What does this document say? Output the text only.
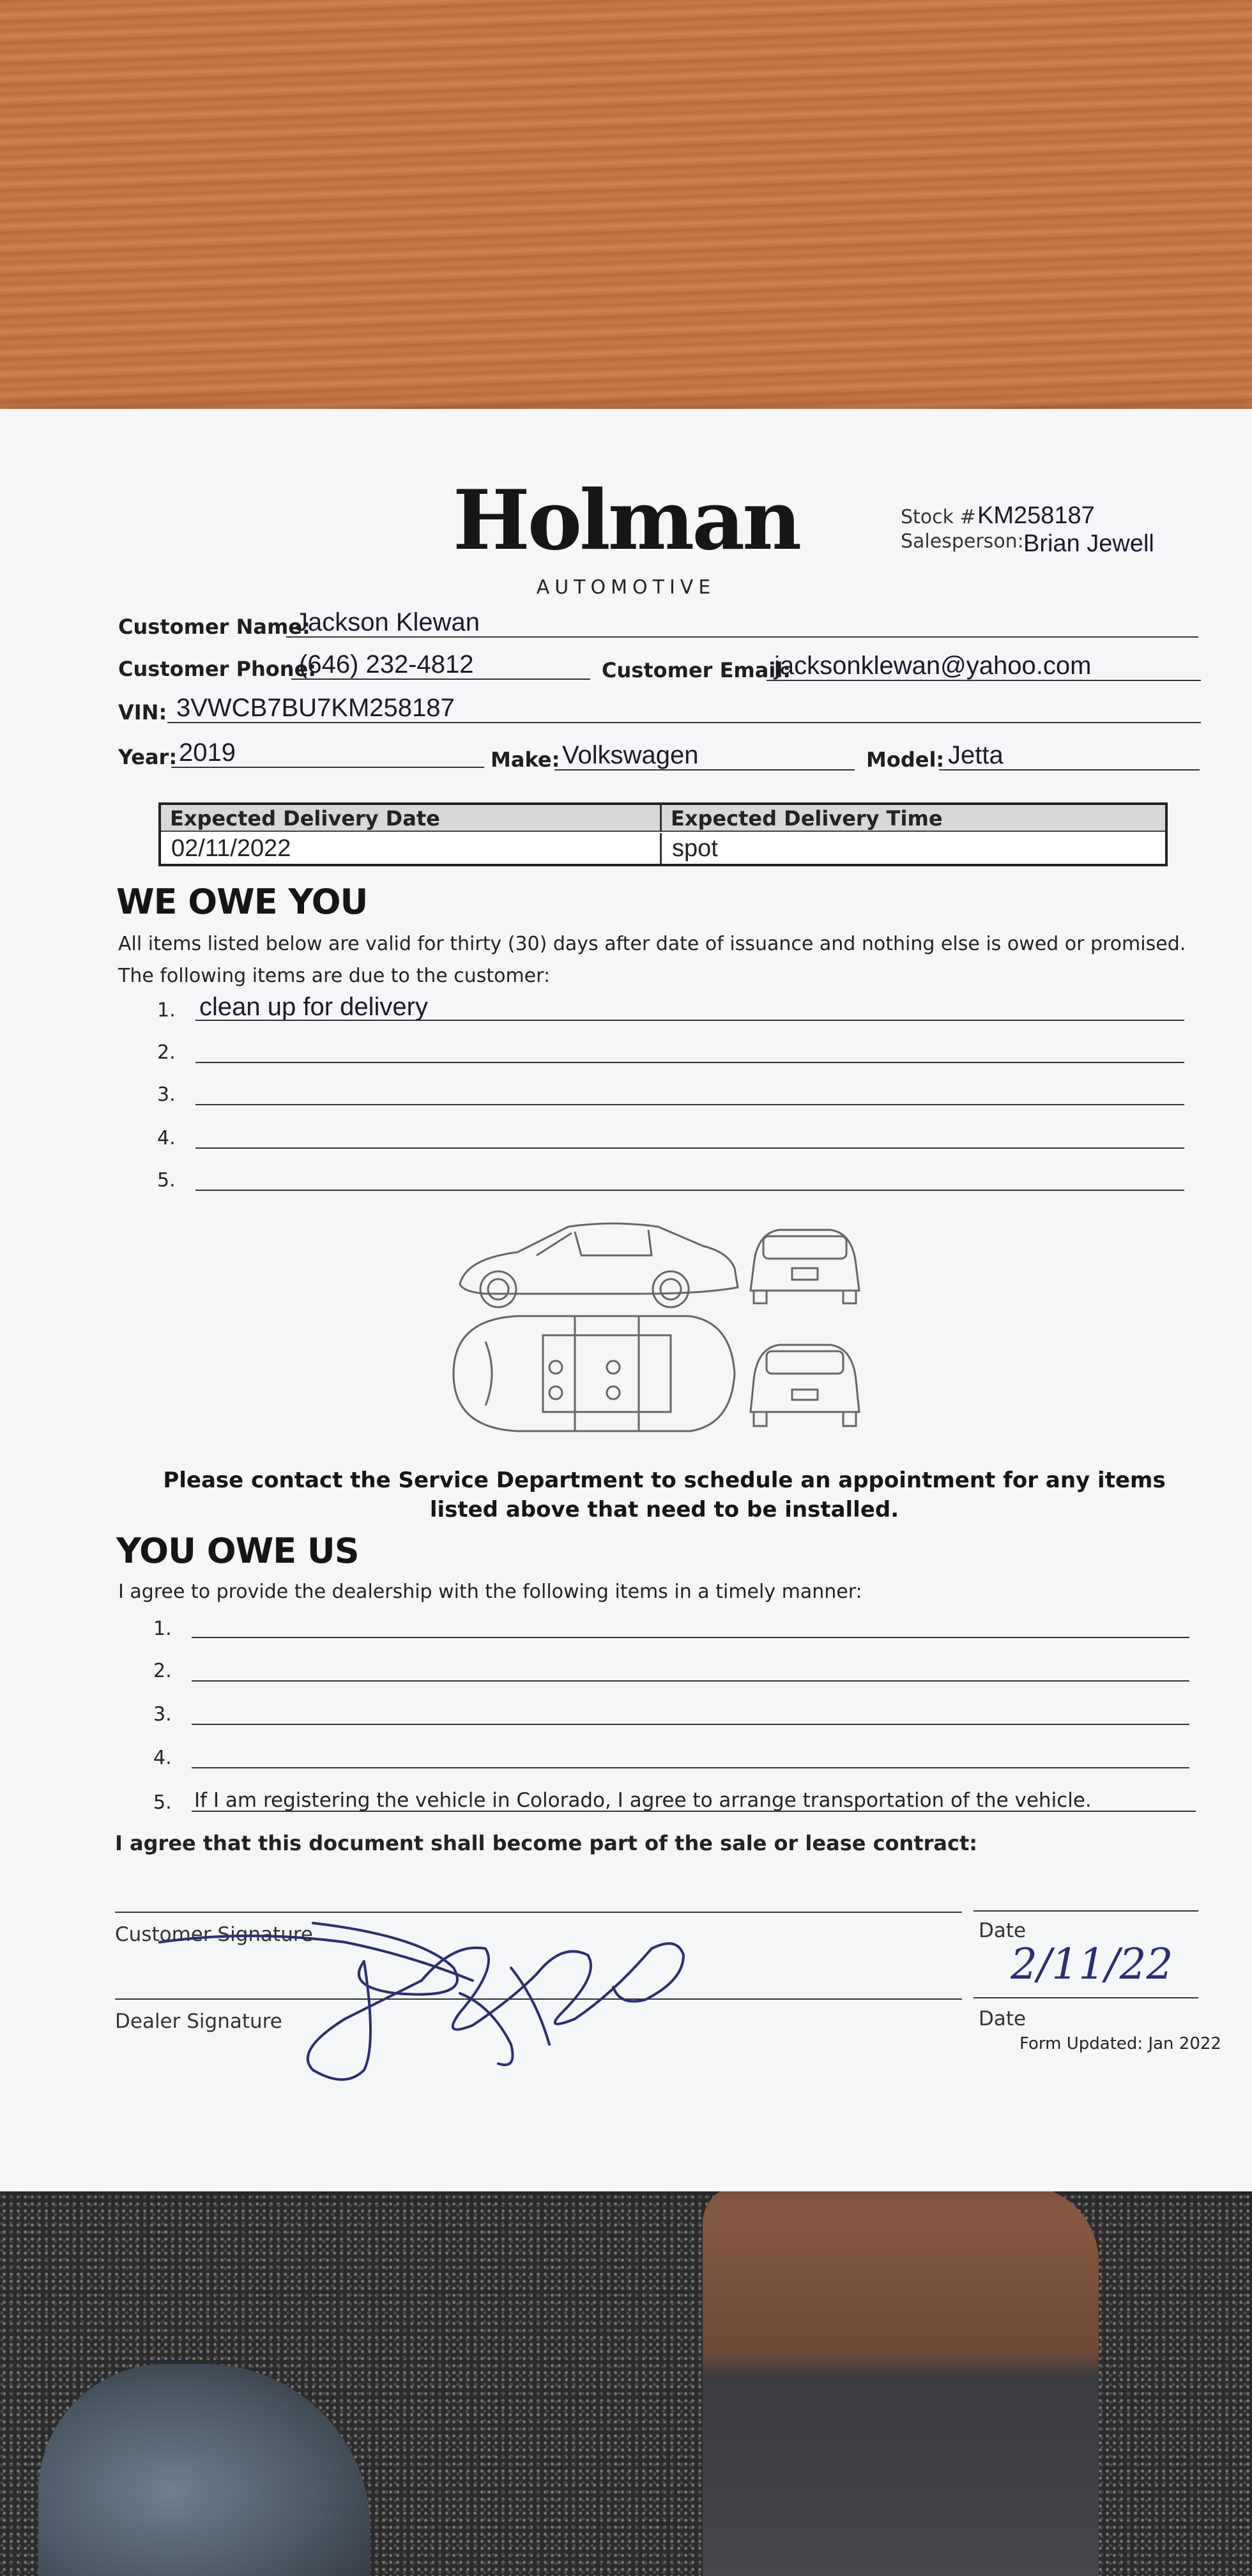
Holman
AUTOMOTIVE
Stock # KM258187
Salesperson: Brian Jewell
Customer Name:
Jackson Klewan
Customer Phone:
(646) 232-4812	Customer Email:
jacksonklewan@yahoo.com
VIN: 3VWCB7BU7KM258187
Year: 2019	Make: Volkswagen	Model: Jetta
Expected Delivery Date	Expected Delivery Time
02/11/2022	spot
WE OWE YOU
All items listed below are valid for thirty (30) days after date of issuance and nothing else is owed or promised.
The following items are due to the customer:
1. clean up for delivery
2.
3.
4.
5.
Please contact the Service Department to schedule an appointment for any items listed above that need to be installed.
YOU OWE US
I agree to provide the dealership with the following items in a timely manner:
1.
2.
3.
4.
5. If I am registering the vehicle in Colorado, I agree to arrange transportation of the vehicle.
I agree that this document shall become part of the sale or lease contract:
Customer Signature	Date
2/11/22
Dealer Signature	Date
Form Updated: Jan 2022
